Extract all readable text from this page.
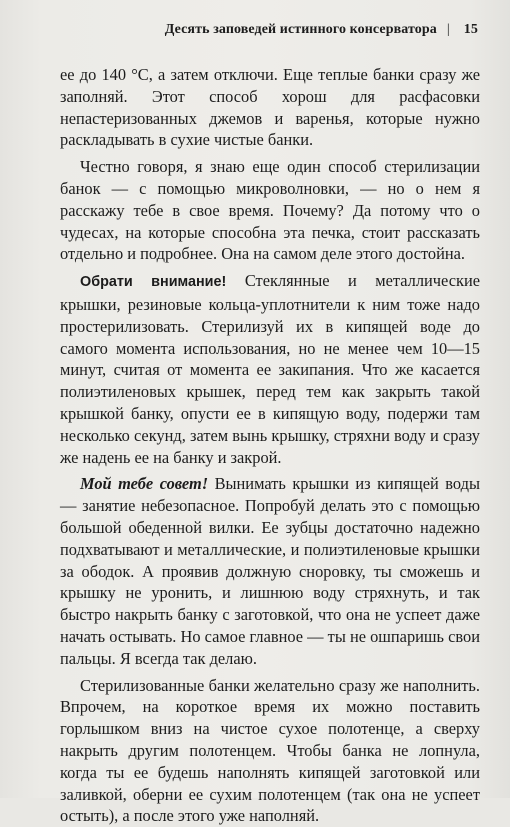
Десять заповедей истинного консерватора | 15

ее до 140 °С, а затем отключи. Еще теплые банки сразу же заполняй. Этот способ хорош для расфасовки непастеризованных джемов и варенья, которые нужно раскладывать в сухие чистые банки.

Честно говоря, я знаю еще один способ стерилизации банок — с помощью микроволновки, — но о нем я расскажу тебе в свое время. Почему? Да потому что о чудесах, на которые способна эта печка, стоит рассказать отдельно и подробнее. Она на самом деле этого достойна.

Обрати внимание! Стеклянные и металлические крышки, резиновые кольца-уплотнители к ним тоже надо простерилизовать. Стерилизуй их в кипящей воде до самого момента использования, но не менее чем 10—15 минут, считая от момента ее закипания. Что же касается полиэтиленовых крышек, перед тем как закрыть такой крышкой банку, опусти ее в кипящую воду, подержи там несколько секунд, затем вынь крышку, стряхни воду и сразу же надень ее на банку и закрой.

Мой тебе совет! Вынимать крышки из кипящей воды — занятие небезопасное. Попробуй делать это с помощью большой обеденной вилки. Ее зубцы достаточно надежно подхватывают и металлические, и полиэтиленовые крышки за ободок. А проявив должную сноровку, ты сможешь и крышку не уронить, и лишнюю воду стряхнуть, и так быстро накрыть банку с заготовкой, что она не успеет даже начать остывать. Но самое главное — ты не ошпаришь свои пальцы. Я всегда так делаю.

Стерилизованные банки желательно сразу же наполнить. Впрочем, на короткое время их можно поставить горлышком вниз на чистое сухое полотенце, а сверху накрыть другим полотенцем. Чтобы банка не лопнула, когда ты ее будешь наполнять кипящей заготовкой или заливкой, оберни ее сухим полотенцем (так она не успеет остыть), а после этого уже наполняй.
